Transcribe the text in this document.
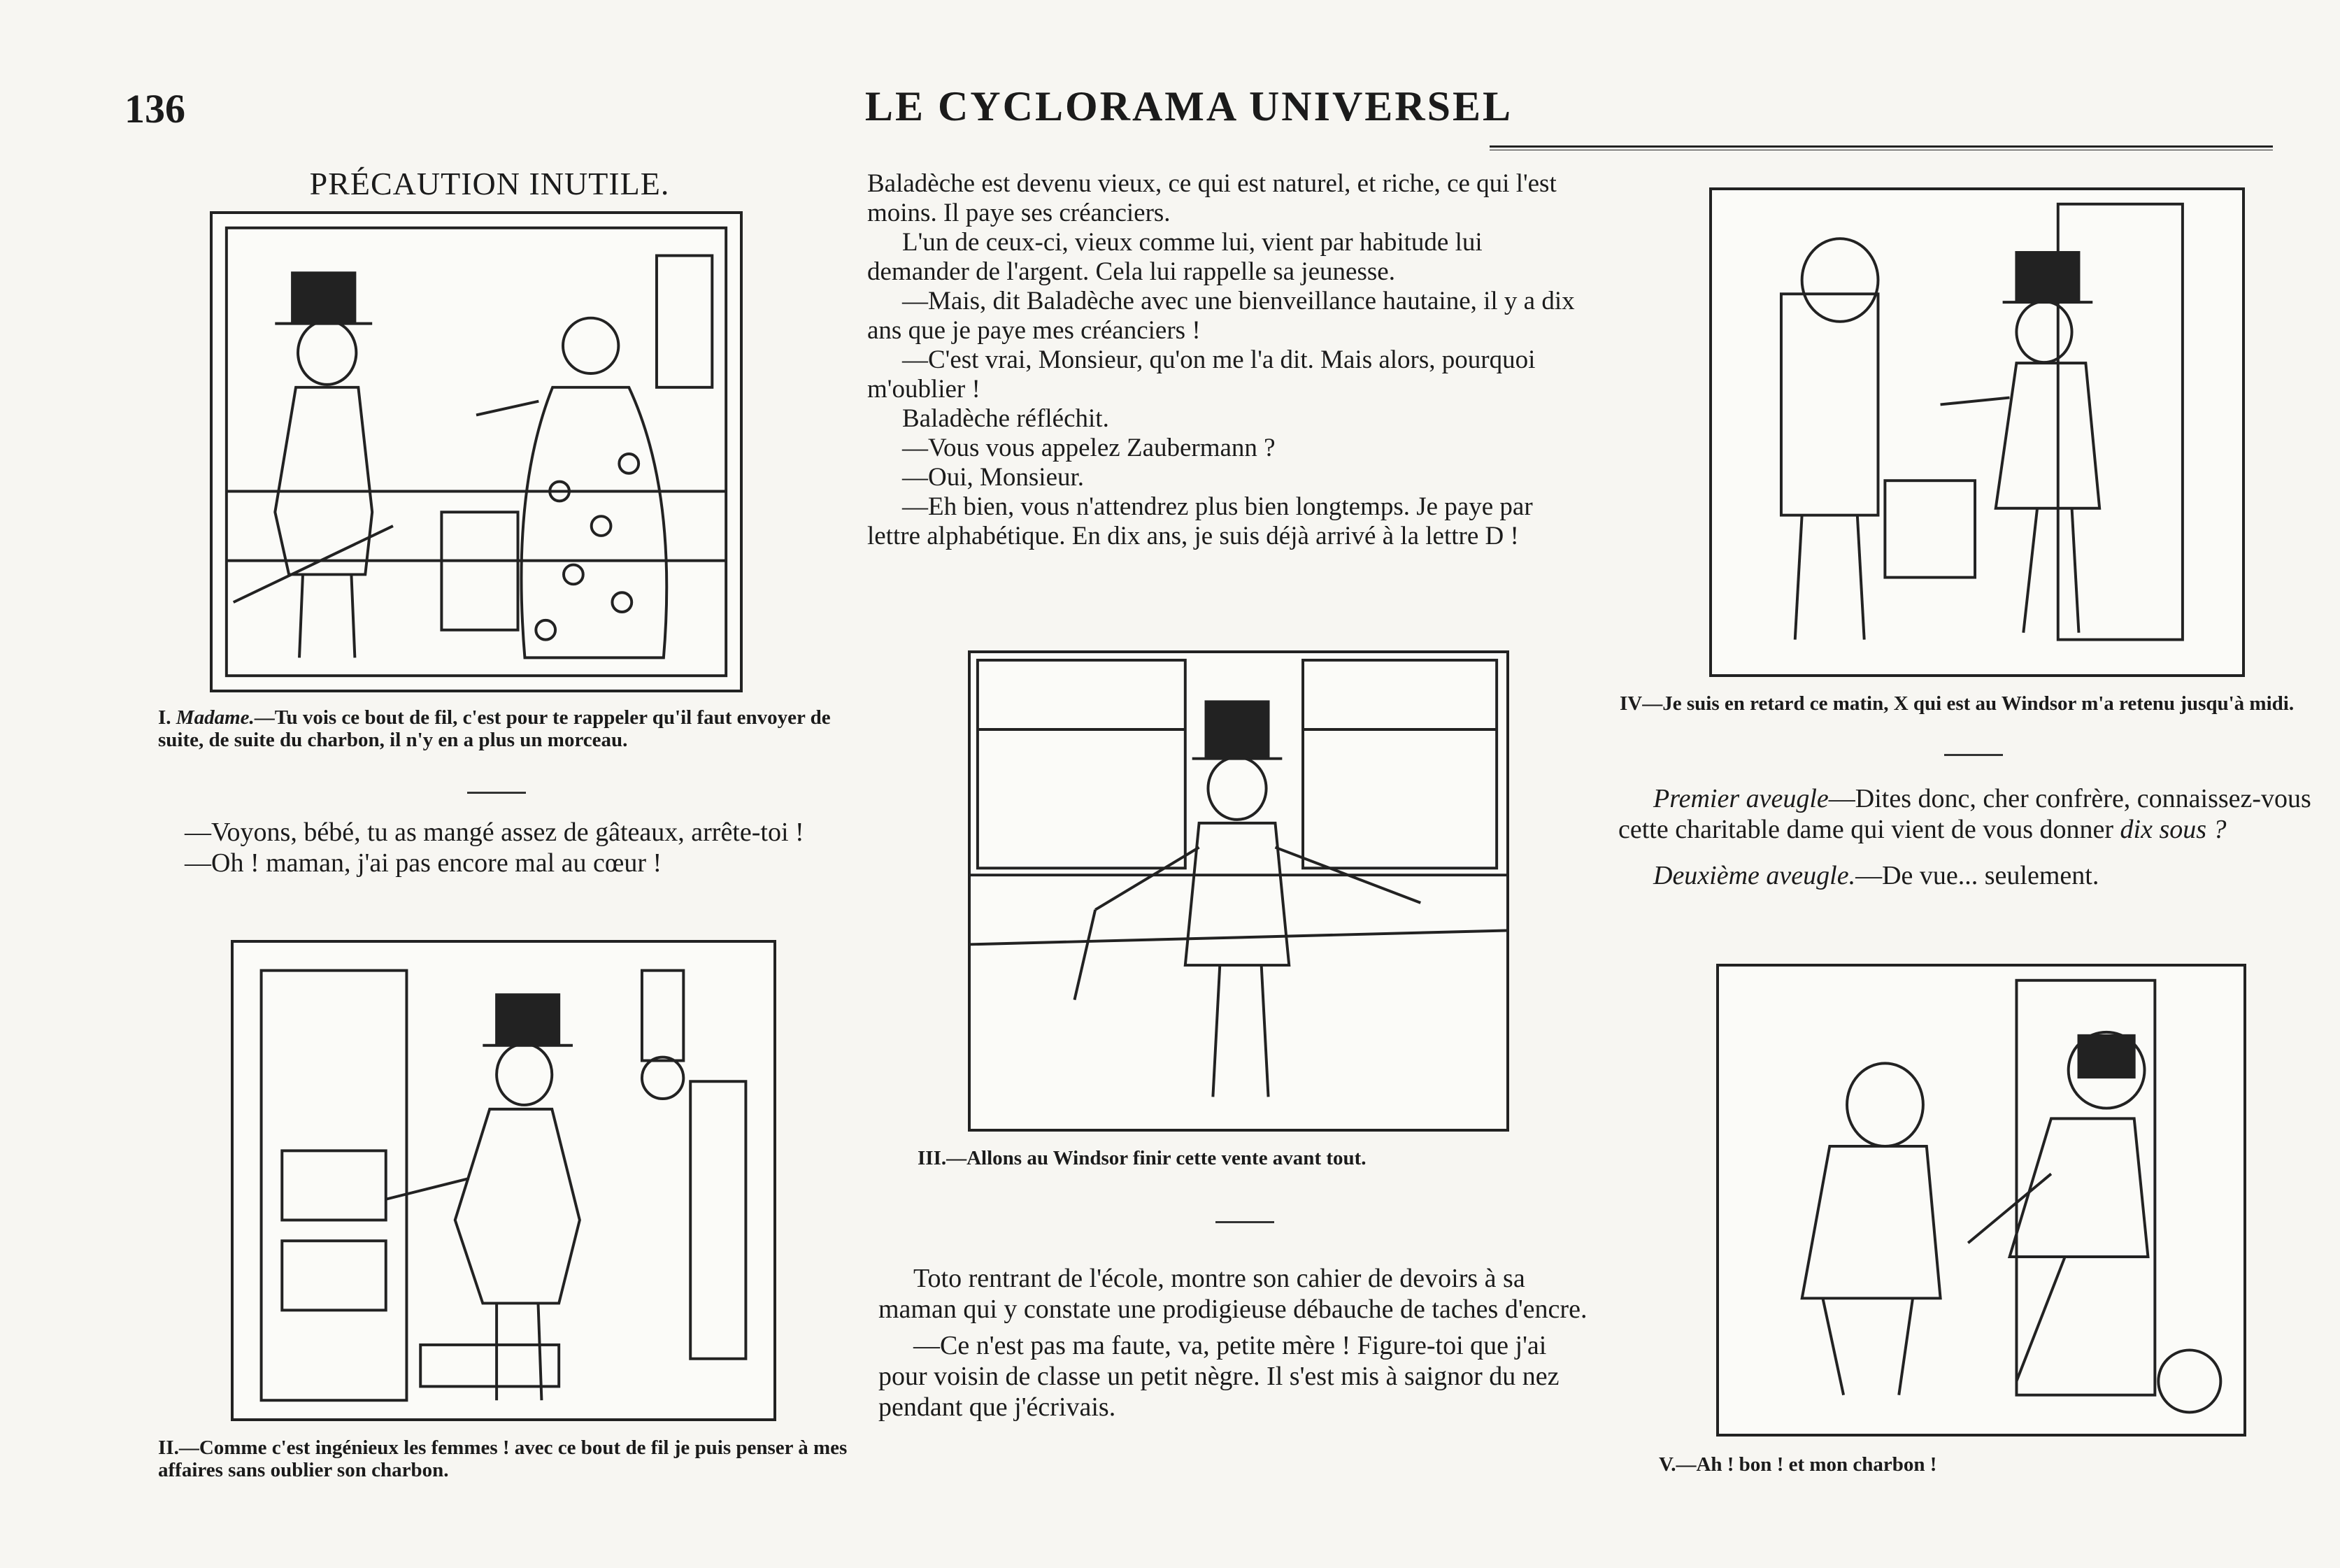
136	LE CYCLORAMA UNIVERSEL
PRÉCAUTION INUTILE.
I. Madame.—Tu vois ce bout de fil, c'est pour te rappeler qu'il faut envoyer de suite, de suite du charbon, il n'y en a plus un morceau.

—Voyons, bébé, tu as mangé assez de gâteaux, arrête-toi !

—Oh ! maman, j'ai pas encore mal au cœur !

II.—Comme c'est ingénieux les femmes ! avec ce bout de fil je puis penser à mes affaires sans oublier son charbon.

Baladèche est devenu vieux, ce qui est naturel, et riche, ce qui l'est moins. Il paye ses créanciers.

L'un de ceux-ci, vieux comme lui, vient par habitude lui demander de l'argent. Cela lui rappelle sa jeunesse.

—Mais, dit Baladèche avec une bienveillance hautaine, il y a dix ans que je paye mes créanciers !

—C'est vrai, Monsieur, qu'on me l'a dit. Mais alors, pourquoi m'oublier !

Baladèche réfléchit.

—Vous vous appelez Zaubermann ?

—Oui, Monsieur.

—Eh bien, vous n'attendrez plus bien longtemps. Je paye par lettre alphabétique. En dix ans, je suis déjà arrivé à la lettre D !

III.—Allons au Windsor finir cette vente avant tout.

Toto rentrant de l'école, montre son cahier de devoirs à sa maman qui y constate une prodigieuse débauche de taches d'encre.

—Ce n'est pas ma faute, va, petite mère ! Figure-toi que j'ai pour voisin de classe un petit nègre. Il s'est mis à saignor du nez pendant que j'écrivais.

IV—Je suis en retard ce matin, X qui est au Windsor m'a retenu jusqu'à midi.

Premier aveugle—Dites donc, cher confrère, connaissez-vous cette charitable dame qui vient de vous donner dix sous ?

Deuxième aveugle.—De vue... seulement.

V.—Ah ! bon ! et mon charbon !
